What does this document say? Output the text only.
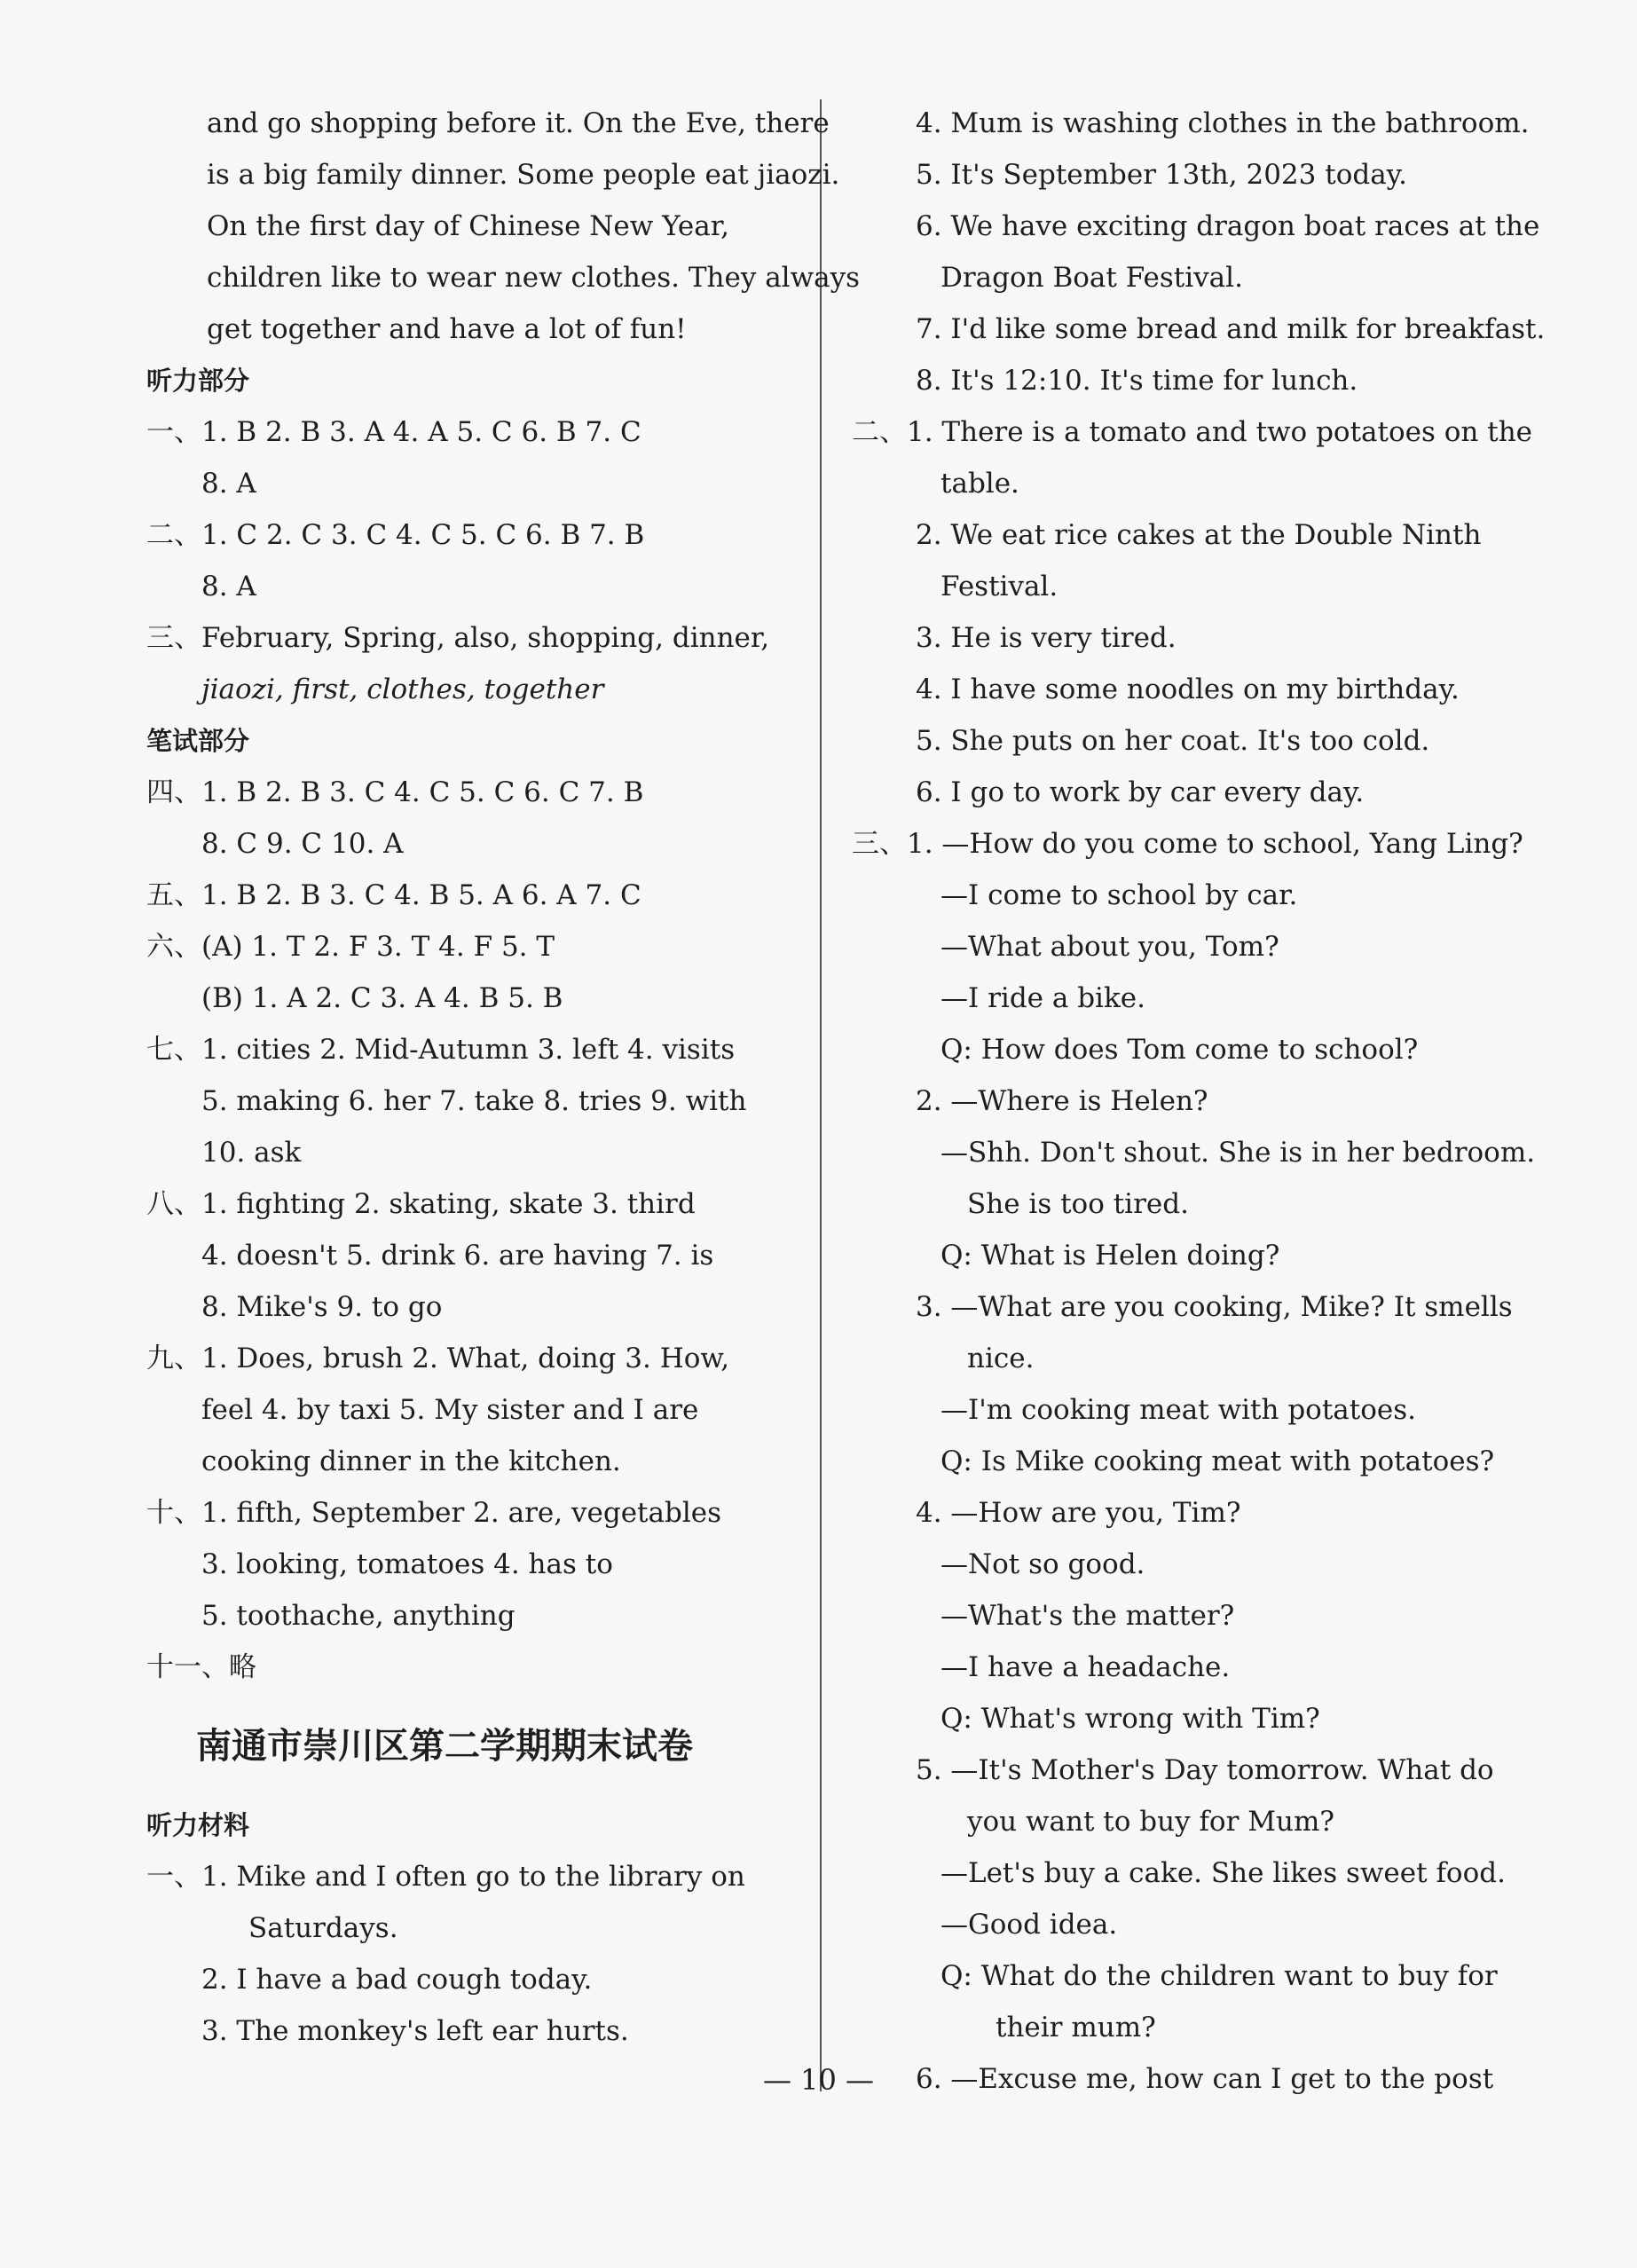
and go shopping before it. On the Eve, there
is a big family dinner. Some people eat jiaozi.
On the first day of Chinese New Year,
children like to wear new clothes. They always
get together and have a lot of fun!
听力部分
一、1. B 2. B 3. A 4. A 5. C 6. B 7. C
8. A
二、1. C 2. C 3. C 4. C 5. C 6. B 7. B
8. A
三、February, Spring, also, shopping, dinner,
jiaozi, first, clothes, together
笔试部分
四、1. B 2. B 3. C 4. C 5. C 6. C 7. B
8. C 9. C 10. A
五、1. B 2. B 3. C 4. B 5. A 6. A 7. C
六、(A) 1. T 2. F 3. T 4. F 5. T
(B) 1. A 2. C 3. A 4. B 5. B
七、1. cities 2. Mid-Autumn 3. left 4. visits
5. making 6. her 7. take 8. tries 9. with
10. ask
八、1. fighting 2. skating, skate 3. third
4. doesn't 5. drink 6. are having 7. is
8. Mike's 9. to go
九、1. Does, brush 2. What, doing 3. How,
feel 4. by taxi 5. My sister and I are
cooking dinner in the kitchen.
十、1. fifth, September 2. are, vegetables
3. looking, tomatoes 4. has to
5. toothache, anything
十一、略
南通市崇川区第二学期期末试卷
听力材料
一、1. Mike and I often go to the library on
Saturdays.
2. I have a bad cough today.
3. The monkey's left ear hurts.
4. Mum is washing clothes in the bathroom.
5. It's September 13th, 2023 today.
6. We have exciting dragon boat races at the
Dragon Boat Festival.
7. I'd like some bread and milk for breakfast.
8. It's 12:10. It's time for lunch.
二、1. There is a tomato and two potatoes on the
table.
2. We eat rice cakes at the Double Ninth
Festival.
3. He is very tired.
4. I have some noodles on my birthday.
5. She puts on her coat. It's too cold.
6. I go to work by car every day.
三、1. —How do you come to school, Yang Ling?
—I come to school by car.
—What about you, Tom?
—I ride a bike.
Q: How does Tom come to school?
2. —Where is Helen?
—Shh. Don't shout. She is in her bedroom.
She is too tired.
Q: What is Helen doing?
3. —What are you cooking, Mike? It smells
nice.
—I'm cooking meat with potatoes.
Q: Is Mike cooking meat with potatoes?
4. —How are you, Tim?
—Not so good.
—What's the matter?
—I have a headache.
Q: What's wrong with Tim?
5. —It's Mother's Day tomorrow. What do
you want to buy for Mum?
—Let's buy a cake. She likes sweet food.
—Good idea.
Q: What do the children want to buy for
their mum?
6. —Excuse me, how can I get to the post
— 10 —
